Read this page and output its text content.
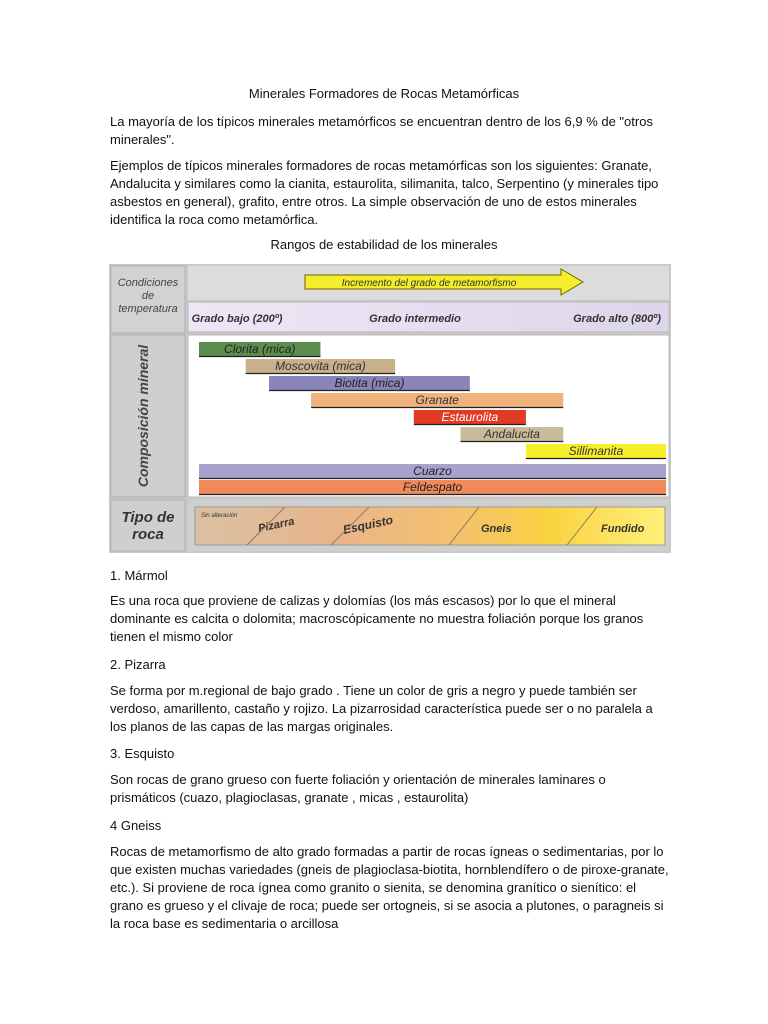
Minerales Formadores de Rocas Metamórficas

La mayoría de los típicos minerales metamórficos se encuentran dentro de los 6,9 % de "otros minerales".

Ejemplos de típicos minerales formadores de rocas metamórficas son los siguientes: Granate, Andalucita y similares como la cianita, estaurolita, silimanita, talco, Serpentino (y minerales tipo asbestos en general), grafito, entre otros. La simple observación de uno de estos minerales identifica la roca como metamórfica.

Rangos de estabilidad de los minerales
Condiciones
de
temperatura
Composición mineral
Tipo de
roca
Incremento del grado de metamorfismo
Grado bajo (200º)	Grado intermedio	Grado alto (800º)
Clorita (mica)
Moscovita (mica)
Biotita (mica)
Granate
Estaurolita
Andalucita
Sillimanita
Cuarzo
Feldespato
Sin alteración Pizarra	Esquisto	Gneis	Fundido
1. Mármol

Es una roca que proviene de calizas y dolomías (los más escasos) por lo que el mineral dominante es calcita o dolomita; macroscópicamente no muestra foliación porque los granos tienen el mismo color

2. Pizarra

Se forma por m.regional de bajo grado . Tiene un color de gris a negro y puede también ser verdoso, amarillento, castaño y rojizo. La pizarrosidad característica puede ser o no paralela a los planos de las capas de las margas originales.

3. Esquisto

Son rocas de grano grueso con fuerte foliación y orientación de minerales laminares o prismáticos (cuazo, plagioclasas, granate , micas , estaurolita)

4 Gneiss

Rocas de metamorfismo de alto grado formadas a partir de rocas ígneas o sedimentarias, por lo que existen muchas variedades (gneis de plagioclasa-biotita, hornblendífero o de piroxe-granate, etc.). Si proviene de roca ígnea como granito o sienita, se denomina granítico o sienítico: el grano es grueso y el clivaje de roca; puede ser ortogneis, si se asocia a plutones, o paragneis si la roca base es sedimentaria o arcillosa
